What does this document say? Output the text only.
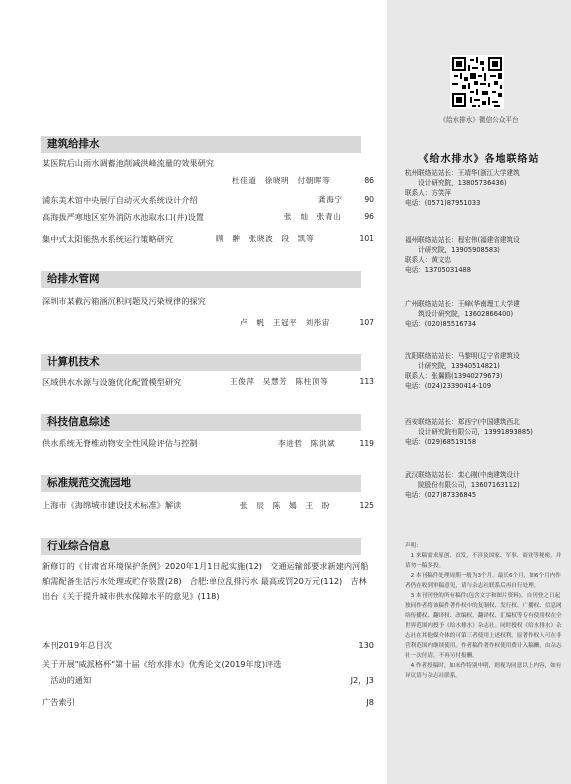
建筑给排水
某医院后山雨水调蓄池削减洪峰流量的效果研究
杜佳道　徐晓明　付朝晖等	86
浦东美术馆中央展厅自动灭火系统设计介绍	龚海宁	90
高海拔严寒地区室外消防水池取水口(井)设置	张　灿　张青山	96
集中式太阳能热水系统运行策略研究	顾　翀　张晓波　段　凯等	101
给排水管网
深圳市某截污箱涵沉积问题及污染规律的探究
卢　帆　王冠平　刘彤宙	107
计算机技术
区域供水水源与设施优化配置模型研究	王俊萍　吴慧芳　陈柱顶等	113
科技信息综述
供水系统无脊椎动物安全性风险评估与控制	李进哲　陈洪斌	119
标准规范交流园地
上海市《海绵城市建设技术标准》解读	张　辰　陈　嫣　王　盼	125
行业综合信息
新修订的《甘肃省环境保护条例》2020年1月1日起实施(12)　交通运输部要求新建内河船舶需配备生活污水处理或贮存装置(28)　合肥:单位乱排污水 最高或罚20万元(112)　吉林出台《关于提升城市供水保障水平的意见》(118)
本刊2019年总目次	130
关于开展"威派格杯"第十届《给水排水》优秀论文(2019年度)评选
　活动的通知	J2，J3
广告索引	J8
《给水排水》微信公众平台
《给水排水》各地联络站
杭州联络站站长：王靖华(浙江大学建筑
　　设计研究院，13805736436)
联系人：方笑萍
电话：(0571)87951033
福州联络站站长：程宏伟(福建省建筑设
　　计研究院，13905908583)
联系人：黄文忠
电话：13705031488
广州联络站站长：王峰(华南理工大学建
　　筑设计研究院，13602866400)
电话：(020)85516734
沈阳联络站站长：马黎明(辽宁省建筑设
　　计研究院，13940514821)
联系人：张翼鸥(13940279673)
电话：(024)23390414-109
西安联络站站长：郑西宁(中国建筑西北
　　设计研究院有限公司，13991893885)
电话：(029)68519158
武汉联络站站长：栾心刚(中南建筑设计
　　院股份有限公司，13607163112)
电话：(027)87336845

声明：

　1 来稿需求原创、首发，不涉及国家、军事、商业等秘密，并请勿一稿多投。

　2 本刊稿件处理周期一般为3个月。最长6个月，如6个月内作者仍在收到审稿意见，请与杂志社联系后再自行处理。

　3 本刊刊登的所有稿件(包含文字和图片资料)，自刊登之日起独同作者将该稿件著作权中的复制权、发行权、广播权、信息网络传播权、翻译权、改编权、翻译权、汇编权等专有使用权在全世界范围内授予《给水排水》杂志社。同时授权《给水排水》杂志社在其他媒介体的可第三者使用上述权利。原著作权人可在非营利范围内继续使用。作者稿件著作权使用费计入稿酬，由杂志社一次付清，不再另付报酬。

　4 作者投稿时，如未作特别申明，则视为同意以上内容，如有异议请与杂志社联系。
